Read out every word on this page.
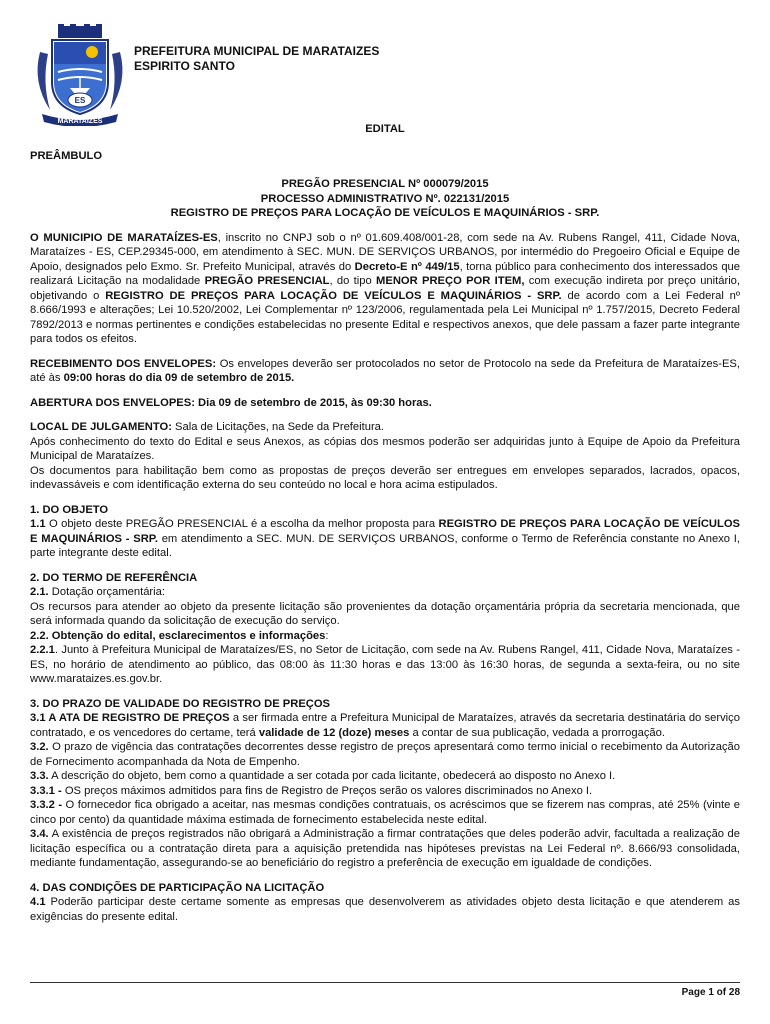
ES
MARATAÍZES
PREFEITURA MUNICIPAL DE MARATAIZES
ESPIRITO SANTO
EDITAL
PREÂMBULO

PREGÃO PRESENCIAL Nº 000079/2015

PROCESSO ADMINISTRATIVO Nº. 022131/2015

REGISTRO DE PREÇOS PARA LOCAÇÃO DE VEÍCULOS E MAQUINÁRIOS - SRP.

O MUNICIPIO DE MARATAÍZES-ES, inscrito no CNPJ sob o nº 01.609.408/001-28, com sede na Av. Rubens Rangel, 411, Cidade Nova, Marataízes - ES, CEP.29345-000, em atendimento à SEC. MUN. DE SERVIÇOS URBANOS, por intermédio do Pregoeiro Oficial e Equipe de Apoio, designados pelo Exmo. Sr. Prefeito Municipal, através do Decreto-E nº 449/15, torna público para conhecimento dos interessados que realizará Licitação na modalidade PREGÃO PRESENCIAL, do tipo MENOR PREÇO POR ITEM, com execução indireta por preço unitário, objetivando o REGISTRO DE PREÇOS PARA LOCAÇÃO DE VEÍCULOS E MAQUINÁRIOS - SRP. de acordo com a Lei Federal nº 8.666/1993 e alterações; Lei 10.520/2002, Lei Complementar nº 123/2006, regulamentada pela Lei Municipal nº 1.757/2015, Decreto Federal 7892/2013 e normas pertinentes e condições estabelecidas no presente Edital e respectivos anexos, que dele passam a fazer parte integrante para todos os efeitos.

RECEBIMENTO DOS ENVELOPES: Os envelopes deverão ser protocolados no setor de Protocolo na sede da Prefeitura de Marataízes-ES, até às 09:00 horas do dia 09 de setembro de 2015.

ABERTURA DOS ENVELOPES: Dia 09 de setembro de 2015, às 09:30 horas.

LOCAL DE JULGAMENTO: Sala de Licitações, na Sede da Prefeitura.

Após conhecimento do texto do Edital e seus Anexos, as cópias dos mesmos poderão ser adquiridas junto à Equipe de Apoio da Prefeitura Municipal de Marataízes.

Os documentos para habilitação bem como as propostas de preços deverão ser entregues em envelopes separados, lacrados, opacos, indevassáveis e com identificação externa do seu conteúdo no local e hora acima estipulados.

1. DO OBJETO

1.1 O objeto deste PREGÃO PRESENCIAL é a escolha da melhor proposta para REGISTRO DE PREÇOS PARA LOCAÇÃO DE VEÍCULOS E MAQUINÁRIOS - SRP. em atendimento a SEC. MUN. DE SERVIÇOS URBANOS, conforme o Termo de Referência constante no Anexo I, parte integrante deste edital.

2. DO TERMO DE REFERÊNCIA

2.1. Dotação orçamentária:

Os recursos para atender ao objeto da presente licitação são provenientes da dotação orçamentária própria da secretaria mencionada, que será informada quando da solicitação de execução do serviço.

2.2. Obtenção do edital, esclarecimentos e informações:

2.2.1. Junto à Prefeitura Municipal de Marataízes/ES, no Setor de Licitação, com sede na Av. Rubens Rangel, 411, Cidade Nova, Marataízes - ES, no horário de atendimento ao público, das 08:00 às 11:30 horas e das 13:00 às 16:30 horas, de segunda a sexta-feira, ou no site www.marataizes.es.gov.br.

3. DO PRAZO DE VALIDADE DO REGISTRO DE PREÇOS

3.1 A ATA DE REGISTRO DE PREÇOS a ser firmada entre a Prefeitura Municipal de Marataízes, através da secretaria destinatária do serviço contratado, e os vencedores do certame, terá validade de 12 (doze) meses a contar de sua publicação, vedada a prorrogação.

3.2. O prazo de vigência das contratações decorrentes desse registro de preços apresentará como termo inicial o recebimento da Autorização de Fornecimento acompanhada da Nota de Empenho.

3.3. A descrição do objeto, bem como a quantidade a ser cotada por cada licitante, obedecerá ao disposto no Anexo I.

3.3.1 - OS preços máximos admitidos para fins de Registro de Preços serão os valores discriminados no Anexo I.

3.3.2 - O fornecedor fica obrigado a aceitar, nas mesmas condições contratuais, os acréscimos que se fizerem nas compras, até 25% (vinte e cinco por cento) da quantidade máxima estimada de fornecimento estabelecida neste edital.

3.4. A existência de preços registrados não obrigará a Administração a firmar contratações que deles poderão advir, facultada a realização de licitação específica ou a contratação direta para a aquisição pretendida nas hipóteses previstas na Lei Federal nº. 8.666/93 consolidada, mediante fundamentação, assegurando-se ao beneficiário do registro a preferência de execução em igualdade de condições.

4. DAS CONDIÇÕES DE PARTICIPAÇÃO NA LICITAÇÃO

4.1 Poderão participar deste certame somente as empresas que desenvolverem as atividades objeto desta licitação e que atenderem as exigências do presente edital.

Page 1 of 28
